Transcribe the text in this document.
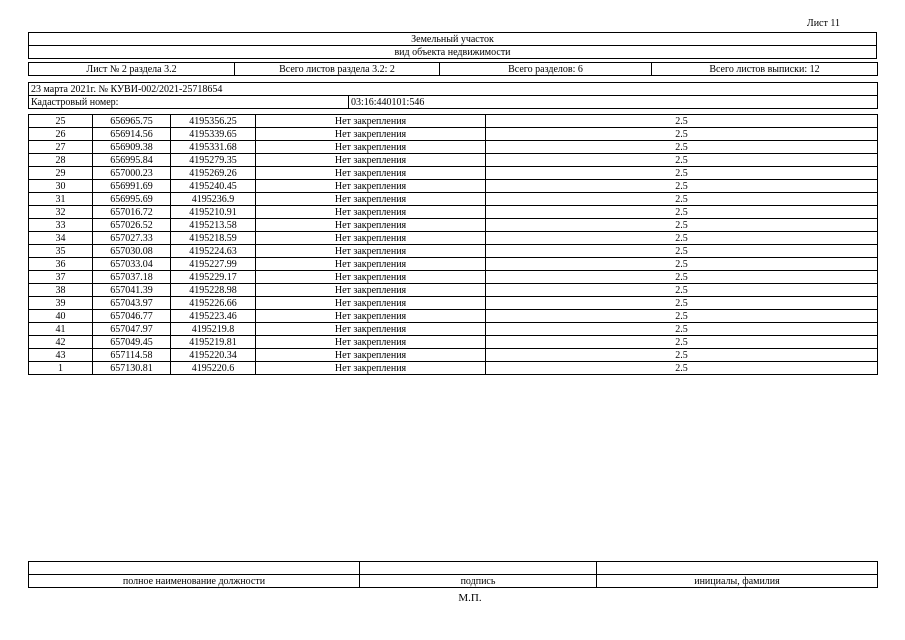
Лист 11
Земельный участок
вид объекта недвижимости
Лист № 2 раздела 3.2	Всего листов раздела 3.2: 2	Всего разделов: 6	Всего листов выписки: 12
23 марта 2021г. № КУВИ-002/2021-25718654
Кадастровый номер:	03:16:440101:546
25	656965.75	4195356.25	Нет закрепления	2.5
26	656914.56	4195339.65	Нет закрепления	2.5
27	656909.38	4195331.68	Нет закрепления	2.5
28	656995.84	4195279.35	Нет закрепления	2.5
29	657000.23	4195269.26	Нет закрепления	2.5
30	656991.69	4195240.45	Нет закрепления	2.5
31	656995.69	4195236.9	Нет закрепления	2.5
32	657016.72	4195210.91	Нет закрепления	2.5
33	657026.52	4195213.58	Нет закрепления	2.5
34	657027.33	4195218.59	Нет закрепления	2.5
35	657030.08	4195224.63	Нет закрепления	2.5
36	657033.04	4195227.99	Нет закрепления	2.5
37	657037.18	4195229.17	Нет закрепления	2.5
38	657041.39	4195228.98	Нет закрепления	2.5
39	657043.97	4195226.66	Нет закрепления	2.5
40	657046.77	4195223.46	Нет закрепления	2.5
41	657047.97	4195219.8	Нет закрепления	2.5
42	657049.45	4195219.81	Нет закрепления	2.5
43	657114.58	4195220.34	Нет закрепления	2.5
1	657130.81	4195220.6	Нет закрепления	2.5

полное наименование должности	подпись	инициалы, фамилия
М.П.
